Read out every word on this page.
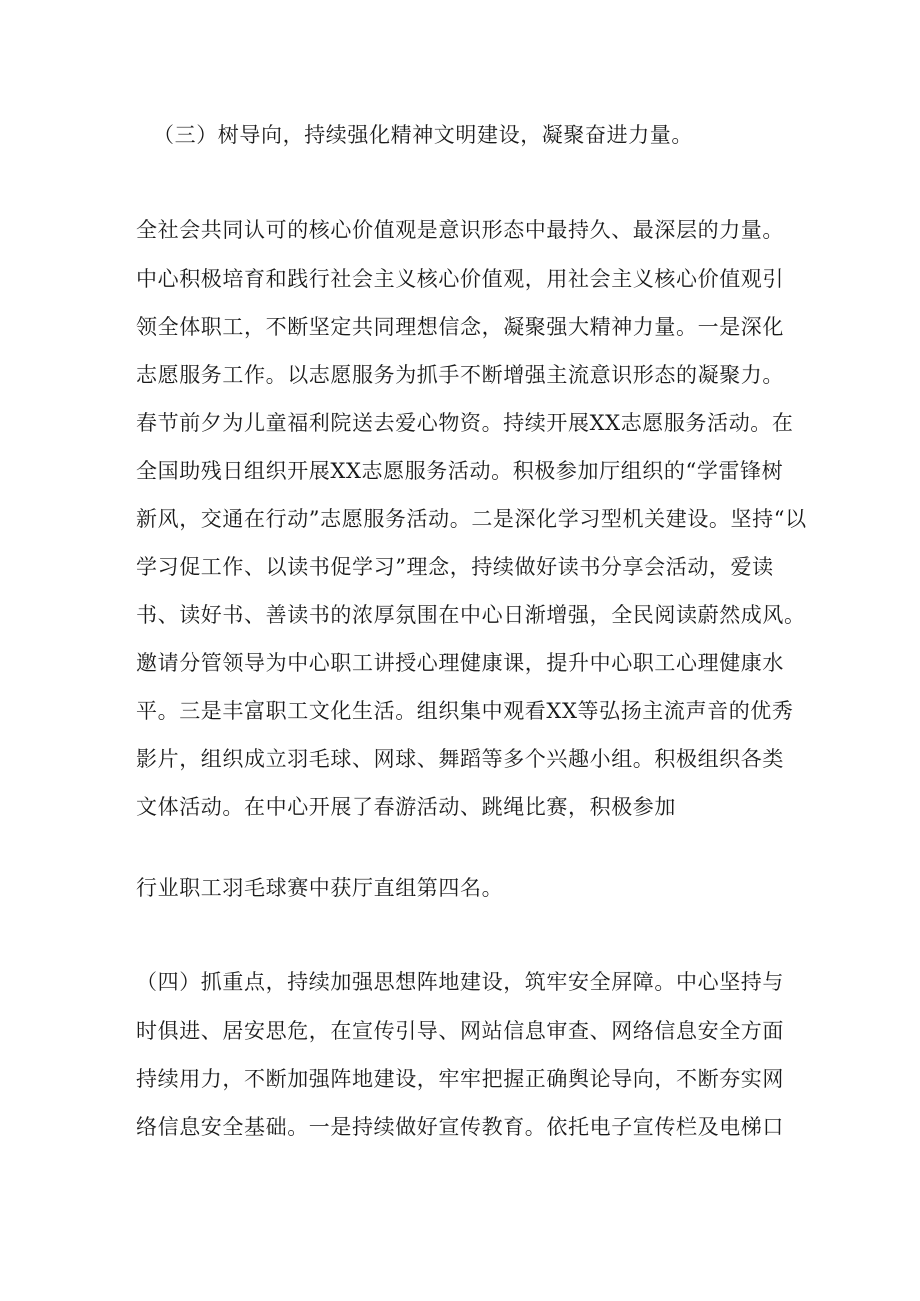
（三）树导向，持续强化精神文明建设，凝聚奋进力量。
全社会共同认可的核心价值观是意识形态中最持久、最深层的力量。
中心积极培育和践行社会主义核心价值观，用社会主义核心价值观引
领全体职工，不断坚定共同理想信念，凝聚强大精神力量。一是深化
志愿服务工作。以志愿服务为抓手不断增强主流意识形态的凝聚力。
春节前夕为儿童福利院送去爱心物资。持续开展XX志愿服务活动。在
全国助残日组织开展XX志愿服务活动。积极参加厅组织的“学雷锋树
新风，交通在行动”志愿服务活动。二是深化学习型机关建设。坚持“以
学习促工作、以读书促学习”理念，持续做好读书分享会活动，爱读
书、读好书、善读书的浓厚氛围在中心日渐增强，全民阅读蔚然成风。
邀请分管领导为中心职工讲授心理健康课，提升中心职工心理健康水
平。三是丰富职工文化生活。组织集中观看XX等弘扬主流声音的优秀
影片，组织成立羽毛球、网球、舞蹈等多个兴趣小组。积极组织各类
文体活动。在中心开展了春游活动、跳绳比赛，积极参加
行业职工羽毛球赛中获厅直组第四名。
（四）抓重点，持续加强思想阵地建设，筑牢安全屏障。中心坚持与
时俱进、居安思危，在宣传引导、网站信息审查、网络信息安全方面
持续用力，不断加强阵地建设，牢牢把握正确舆论导向，不断夯实网
络信息安全基础。一是持续做好宣传教育。依托电子宣传栏及电梯口
